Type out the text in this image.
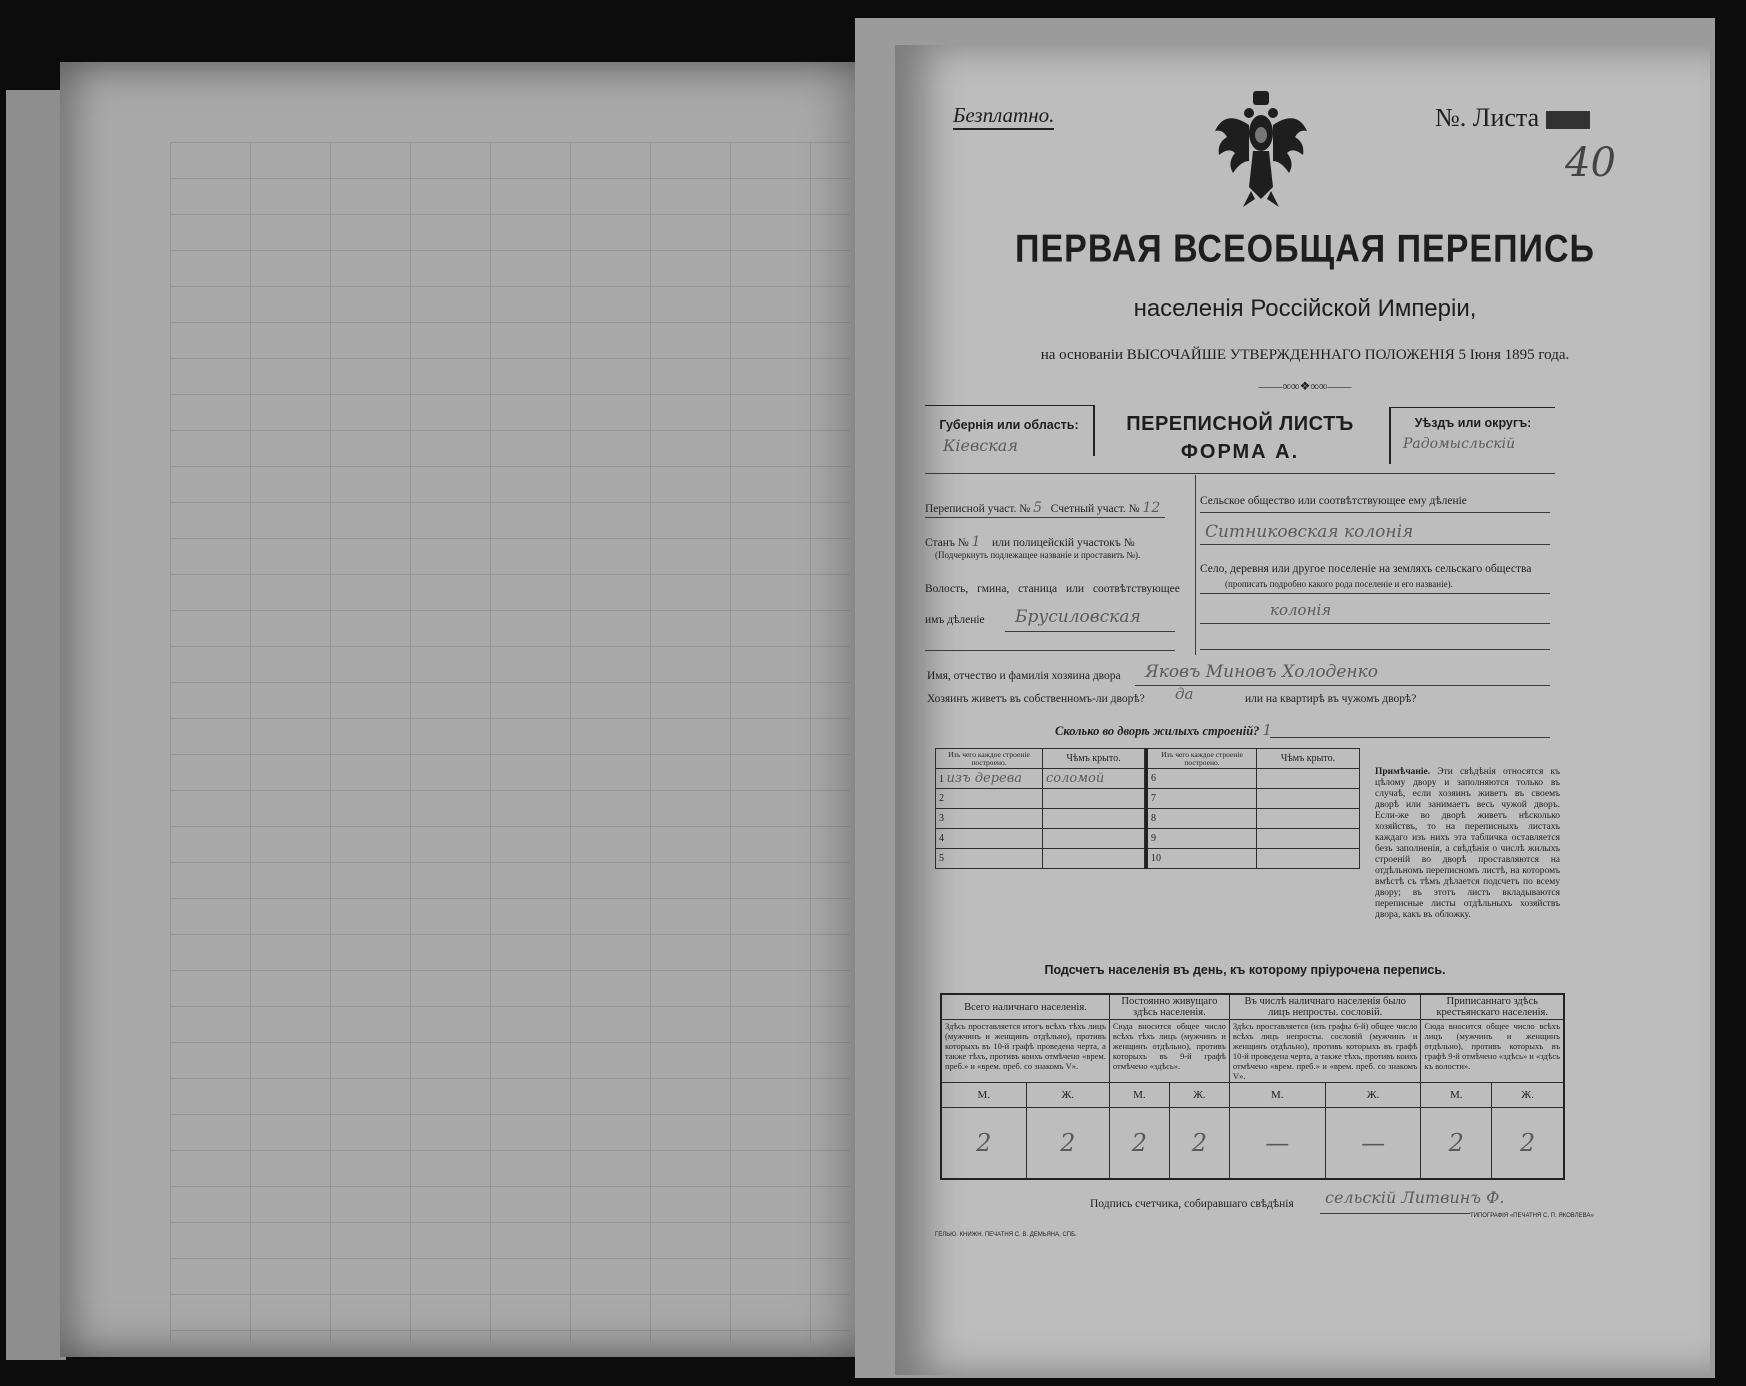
Безплатно.	№. Листа
40
ПЕРВАЯ ВСЕОБЩАЯ ПЕРЕПИСЬ
населенія Россійской Имперіи,
на основаніи ВЫСОЧАЙШЕ УТВЕРЖДЕННАГО ПОЛОЖЕНІЯ 5 Іюня 1895 года.
——∞∞❖∞∞——
Губернія или область:
Кіевская
ПЕРЕПИСНОЙ ЛИСТЪ
ФОРМА А.
Уѣздъ или округъ:
Радомысльскій
Переписной участ. № 5 Счетный участ. № 12
Станъ № 1 или полицейскій участокъ №
(Подчеркнуть подлежащее названіе и проставить №).
Волость, гмина, станица или соотвѣтствующее
имъ дѣленіе Брусиловская
Сельское общество или соотвѣтствующее ему дѣленіе
Ситниковская колонія
Село, деревня или другое поселеніе на земляхъ сельскаго общества
(прописать подробно какого рода поселеніе и его названіе).
колонія
Имя, отчество и фамилія хозяина двора Яковъ Миновъ Холоденко
Хозяинъ живетъ въ собственномъ-ли дворѣ? да	или на квартирѣ въ чужомъ дворѣ?
Сколько во дворѣ жилыхъ строеній? 1
Изъ чего каждое строеніе построено.	Чѣмъ крыто.
1 изъ дерева	соломой
2	
3	
4	
5	
Изъ чего каждое строеніе построено.	Чѣмъ крыто.
6	
7	
8	
9	
10	
Примѣчаніе. Эти свѣдѣнія относятся къ цѣлому двору и заполняются только въ случаѣ, если хозяинъ живетъ въ своемъ дворѣ или занимаетъ весь чужой дворъ. Если-же во дворѣ живетъ нѣсколько хозяйствъ, то на переписныхъ листахъ каждаго изъ нихъ эта табличка оставляется безъ заполненія, а свѣдѣнія о числѣ жилыхъ строеній во дворѣ проставляются на отдѣльномъ переписномъ листѣ, на которомъ вмѣстѣ съ тѣмъ дѣлается подсчетъ по всему двору; въ этотъ листъ вкладываются переписные листы отдѣльныхъ хозяйствъ двора, какъ въ обложку.
Подсчетъ населенія въ день, къ которому пріурочена перепись.
Всего наличнаго населенія.		Постоянно живущаго здѣсь населенія.		Въ числѣ наличнаго населенія было лицъ непросты. сословій.		Приписаннаго здѣсь крестьянскаго населенія.	
Здѣсь проставляется итогъ всѣхъ тѣхъ лицъ (мужчинъ и женщинъ отдѣльно), противъ которыхъ въ 10-й графѣ проведена черта, а также тѣхъ, противъ коихъ отмѣчено «врем. преб.» и «врем. преб. со знакомъ V».		Сюда вносится общее число всѣхъ тѣхъ лицъ (мужчинъ и женщинъ отдѣльно), противъ которыхъ въ 9-й графѣ отмѣчено «здѣсь».		Здѣсь проставляется (изъ графы 6-й) общее число всѣхъ лицъ непросты. сословій (мужчинъ и женщинъ отдѣльно), противъ которыхъ въ графѣ 10-й проведена черта, а также тѣхъ, противъ коихъ отмѣчено «врем. преб.» и «врем. преб. со знакомъ V».		Сюда вносится общее число всѣхъ лицъ (мужчинъ и женщинъ отдѣльно), противъ которыхъ въ графѣ 9-й отмѣчено «здѣсь» и «здѣсь къ волости».	
М.	Ж.	М.	Ж.	М.	Ж.	М.	Ж.
2	2	2	2	—	—	2	2
Подпись счетчика, собиравшаго свѣдѣнія сельскій Литвинъ Ф.
ГЕЛЬЮ. КНИЖН. ПЕЧАТНЯ С. В. ДЕМЬЯНА, СПБ.
ТИПОГРАФІЯ «ПЕЧАТНЯ С. П. ЯКОВЛЕВА»
